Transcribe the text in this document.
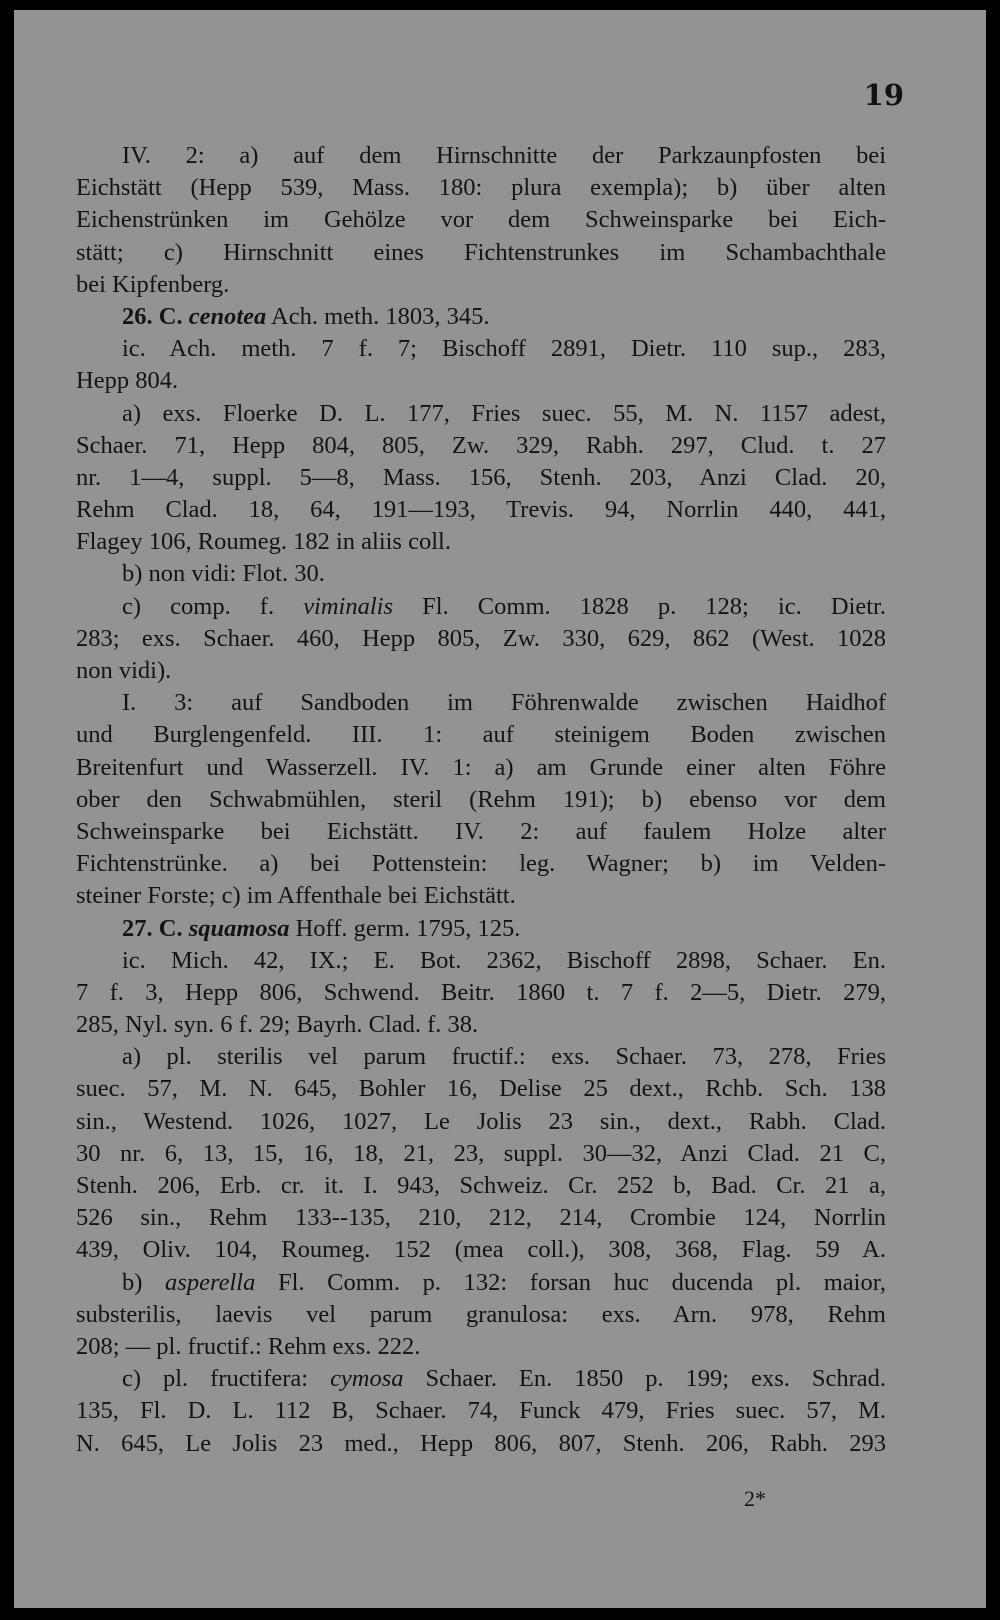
19
IV. 2: a) auf dem Hirnschnitte der Parkzaunpfosten bei
Eichstätt (Hepp 539, Mass. 180: plura exempla); b) über alten
Eichenstrünken im Gehölze vor dem Schweinsparke bei Eich-
stätt; c) Hirnschnitt eines Fichtenstrunkes im Schambachthale
bei Kipfenberg.
26. C. cenotea Ach. meth. 1803, 345.
ic. Ach. meth. 7 f. 7; Bischoff 2891, Dietr. 110 sup., 283,
Hepp 804.
a) exs. Floerke D. L. 177, Fries suec. 55, M. N. 1157 adest,
Schaer. 71, Hepp 804, 805, Zw. 329, Rabh. 297, Clud. t. 27
nr. 1—4, suppl. 5—8, Mass. 156, Stenh. 203, Anzi Clad. 20,
Rehm Clad. 18, 64, 191—193, Trevis. 94, Norrlin 440, 441,
Flagey 106, Roumeg. 182 in aliis coll.
b) non vidi: Flot. 30.
c) comp. f. viminalis Fl. Comm. 1828 p. 128; ic. Dietr.
283; exs. Schaer. 460, Hepp 805, Zw. 330, 629, 862 (West. 1028
non vidi).
I. 3: auf Sandboden im Föhrenwalde zwischen Haidhof
und Burglengenfeld. III. 1: auf steinigem Boden zwischen
Breitenfurt und Wasserzell. IV. 1: a) am Grunde einer alten Föhre
ober den Schwabmühlen, steril (Rehm 191); b) ebenso vor dem
Schweinsparke bei Eichstätt. IV. 2: auf faulem Holze alter
Fichtenstrünke. a) bei Pottenstein: leg. Wagner; b) im Velden-
steiner Forste; c) im Affenthale bei Eichstätt.
27. C. squamosa Hoff. germ. 1795, 125.
ic. Mich. 42, IX.; E. Bot. 2362, Bischoff 2898, Schaer. En.
7 f. 3, Hepp 806, Schwend. Beitr. 1860 t. 7 f. 2—5, Dietr. 279,
285, Nyl. syn. 6 f. 29; Bayrh. Clad. f. 38.
a) pl. sterilis vel parum fructif.: exs. Schaer. 73, 278, Fries
suec. 57, M. N. 645, Bohler 16, Delise 25 dext., Rchb. Sch. 138
sin., Westend. 1026, 1027, Le Jolis 23 sin., dext., Rabh. Clad.
30 nr. 6, 13, 15, 16, 18, 21, 23, suppl. 30—32, Anzi Clad. 21 C,
Stenh. 206, Erb. cr. it. I. 943, Schweiz. Cr. 252 b, Bad. Cr. 21 a,
526 sin., Rehm 133--135, 210, 212, 214, Crombie 124, Norrlin
439, Oliv. 104, Roumeg. 152 (mea coll.), 308, 368, Flag. 59 A.
b) asperella Fl. Comm. p. 132: forsan huc ducenda pl. maior,
substerilis, laevis vel parum granulosa: exs. Arn. 978, Rehm
208; — pl. fructif.: Rehm exs. 222.
c) pl. fructifera: cymosa Schaer. En. 1850 p. 199; exs. Schrad.
135, Fl. D. L. 112 B, Schaer. 74, Funck 479, Fries suec. 57, M.
N. 645, Le Jolis 23 med., Hepp 806, 807, Stenh. 206, Rabh. 293
2*
